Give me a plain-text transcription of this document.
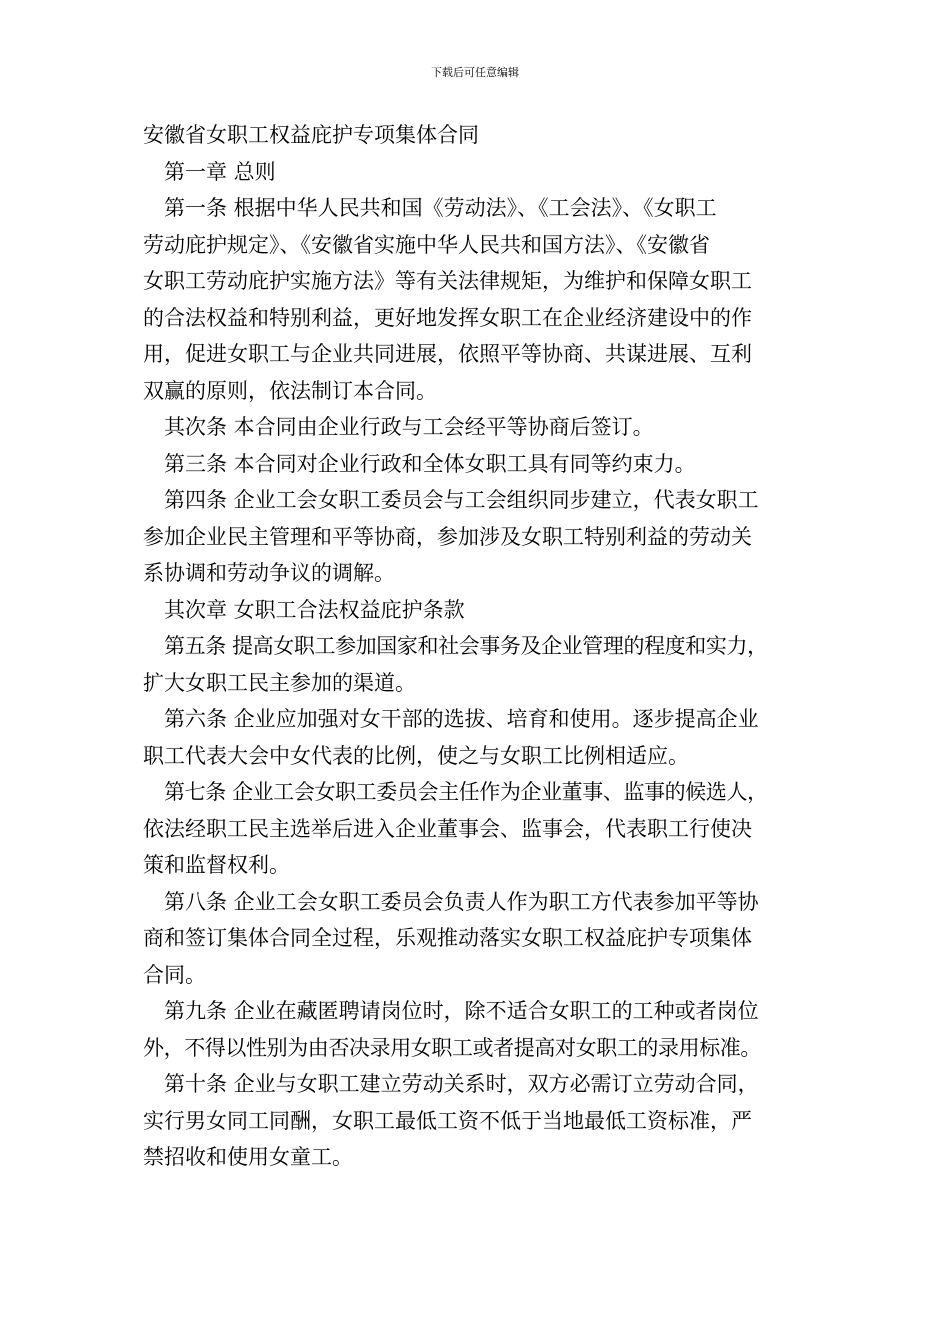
下载后可任意编辑

安徽省女职工权益庇护专项集体合同

第一章 总则

第一条 根据中华人民共和国《劳动法》、《工会法》、《女职工

劳动庇护规定》、《安徽省实施中华人民共和国方法》、《安徽省

女职工劳动庇护实施方法》等有关法律规矩，为维护和保障女职工

的合法权益和特别利益，更好地发挥女职工在企业经济建设中的作

用，促进女职工与企业共同进展，依照平等协商、共谋进展、互利

双赢的原则，依法制订本合同。

其次条 本合同由企业行政与工会经平等协商后签订。

第三条 本合同对企业行政和全体女职工具有同等约束力。

第四条 企业工会女职工委员会与工会组织同步建立，代表女职工

参加企业民主管理和平等协商，参加涉及女职工特别利益的劳动关

系协调和劳动争议的调解。

其次章 女职工合法权益庇护条款

第五条 提高女职工参加国家和社会事务及企业管理的程度和实力，

扩大女职工民主参加的渠道。

第六条 企业应加强对女干部的选拔、培育和使用。逐步提高企业

职工代表大会中女代表的比例，使之与女职工比例相适应。

第七条 企业工会女职工委员会主任作为企业董事、监事的候选人，

依法经职工民主选举后进入企业董事会、监事会，代表职工行使决

策和监督权利。

第八条 企业工会女职工委员会负责人作为职工方代表参加平等协

商和签订集体合同全过程，乐观推动落实女职工权益庇护专项集体

合同。

第九条 企业在藏匿聘请岗位时，除不适合女职工的工种或者岗位

外，不得以性别为由否决录用女职工或者提高对女职工的录用标准。

第十条 企业与女职工建立劳动关系时，双方必需订立劳动合同，

实行男女同工同酬，女职工最低工资不低于当地最低工资标准，严

禁招收和使用女童工。
